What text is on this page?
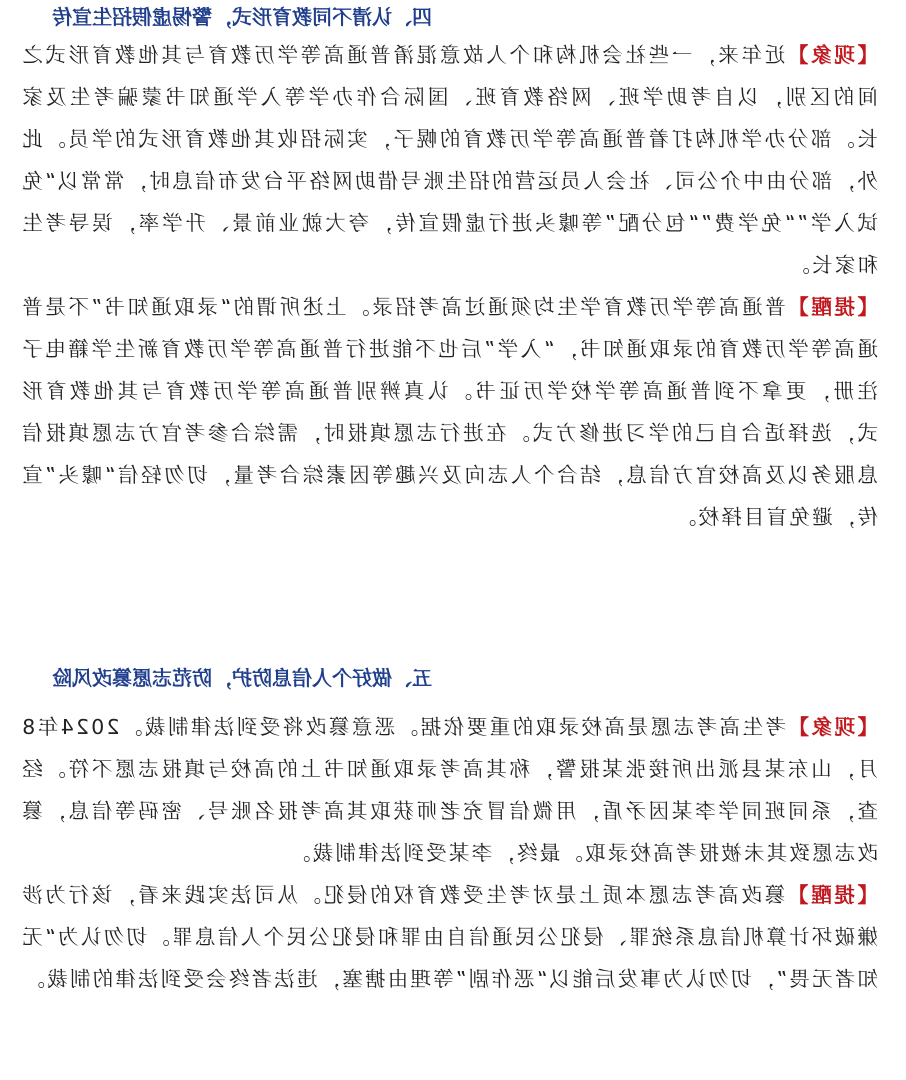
四、认清不同教育形式，警惕虚假招生宣传

【现象】近年来，一些社会机构和个人故意混淆普通高等学历教育与其他教育形式之间的区别，以自考助学班、网络教育班、国际合作办学等入学通知书蒙骗考生及家长。部分办学机构打着普通高等学历教育的幌子，实际招收其他教育形式的学员。此外，部分由中介公司、社会人员运营的招生账号借助网络平台发布信息时，常常以“免试入学”“免学费”“包分配”等噱头进行虚假宣传，夸大就业前景、升学率，误导考生和家长。

【提醒】普通高等学历教育学生均须通过高考招录。上述所谓的“录取通知书”不是普通高等学历教育的录取通知书，“入学”后也不能进行普通高等学历教育新生学籍电子注册，更拿不到普通高等学校学历证书。认真辨别普通高等学历教育与其他教育形式，选择适合自己的学习进修方式。在进行志愿填报时，需综合参考官方志愿填报信息服务以及高校官方信息，结合个人志向及兴趣等因素综合考量，切勿轻信“噱头”宣传，避免盲目择校。

五、做好个人信息防护，防范志愿篡改风险

【现象】考生高考志愿是高校录取的重要依据。恶意篡改将受到法律制裁。2024年8月，山东某县派出所接张某报警，称其高考录取通知书上的高校与填报志愿不符。经查，系同班同学李某因矛盾，用微信冒充老师获取其高考报名账号、密码等信息，篡改志愿致其未被报考高校录取。最终，李某受到法律制裁。

【提醒】篡改高考志愿本质上是对考生受教育权的侵犯。从司法实践来看，该行为涉嫌破坏计算机信息系统罪、侵犯公民通信自由罪和侵犯公民个人信息罪。切勿认为“无知者无畏”，切勿认为事发后能以“恶作剧”等理由搪塞，违法者终会受到法律的制裁。
